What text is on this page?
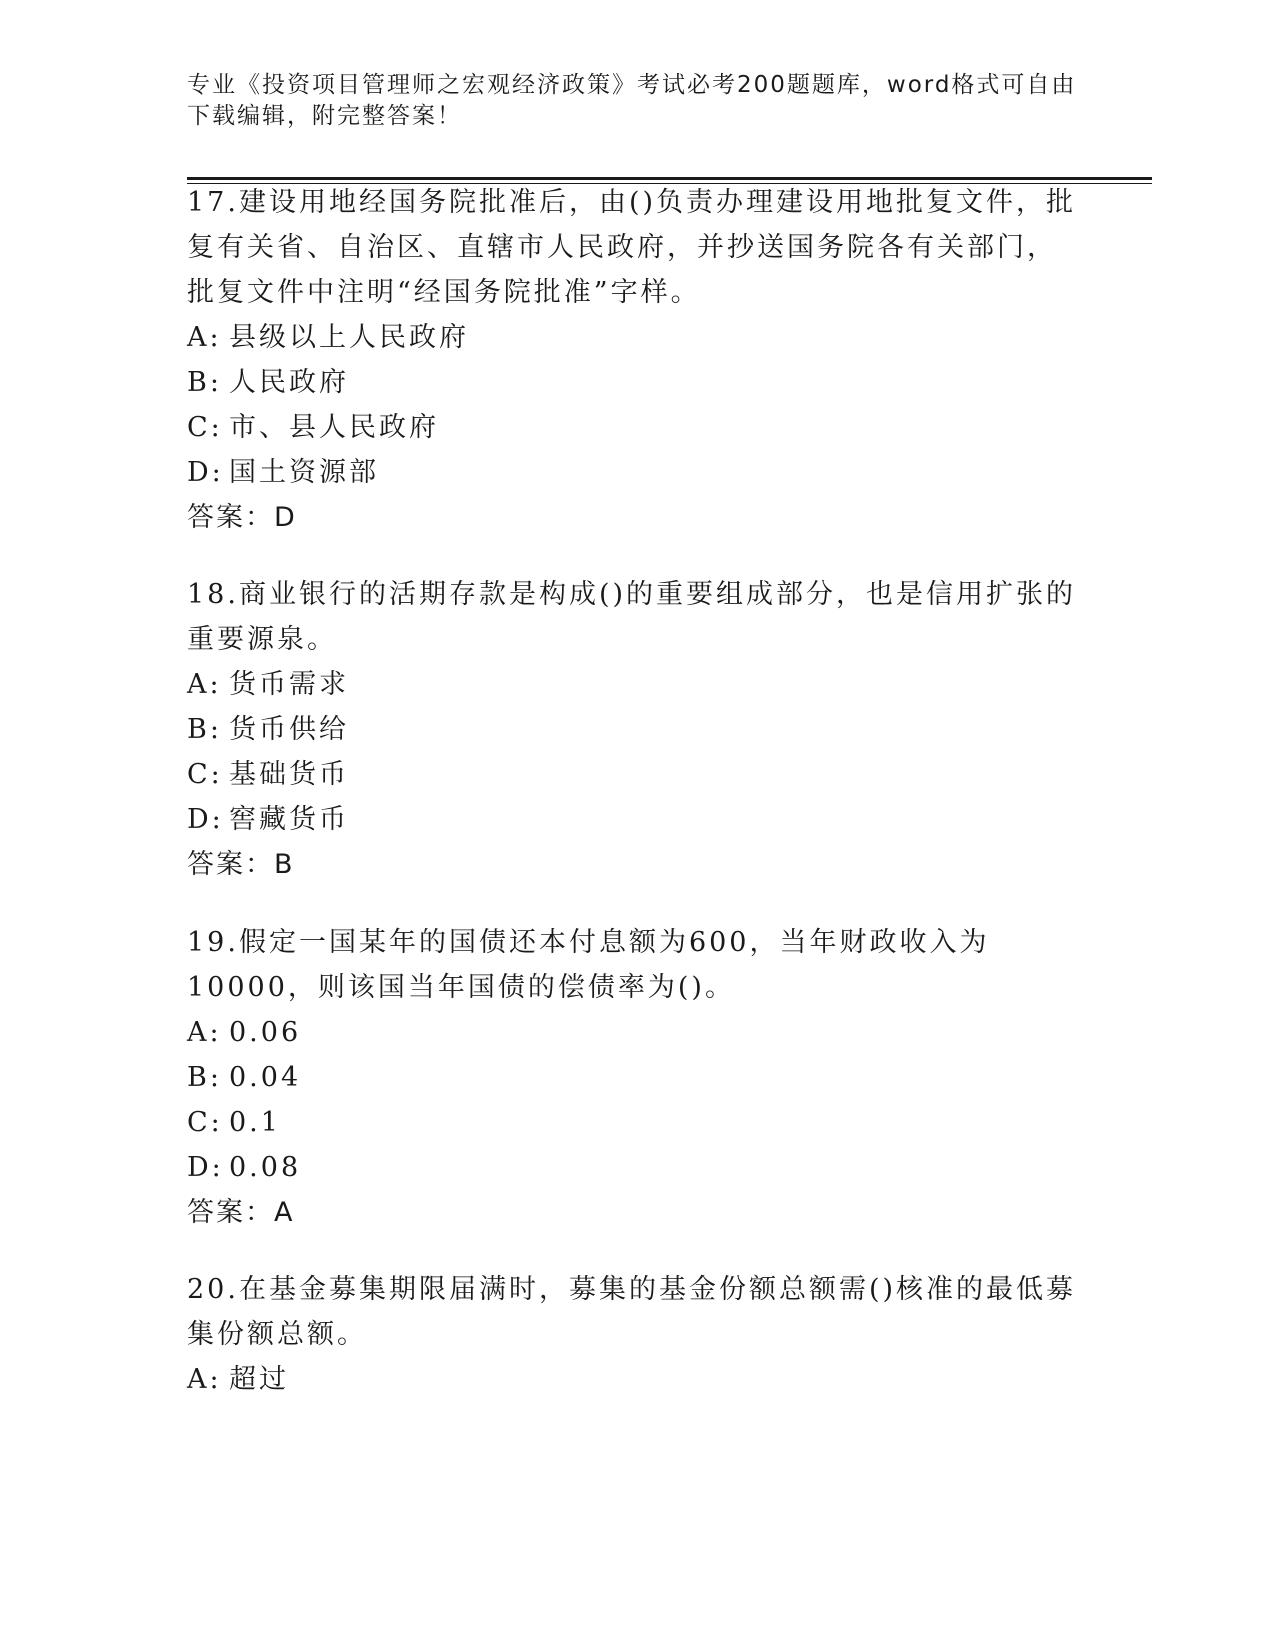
专业《投资项目管理师之宏观经济政策》考试必考200题题库，word格式可自由下载编辑，附完整答案！

17.建设用地经国务院批准后，由()负责办理建设用地批复文件，批复有关省、自治区、直辖市人民政府，并抄送国务院各有关部门，批复文件中注明“经国务院批准”字样。

A: 县级以上人民政府

B: 人民政府

C: 市、县人民政府

D: 国土资源部

答案：D

18.商业银行的活期存款是构成()的重要组成部分，也是信用扩张的重要源泉。

A: 货币需求

B: 货币供给

C: 基础货币

D: 窖藏货币

答案：B

19.假定一国某年的国债还本付息额为600，当年财政收入为10000，则该国当年国债的偿债率为()。

A: 0.06

B: 0.04

C: 0.1

D: 0.08

答案：A

20.在基金募集期限届满时，募集的基金份额总额需()核准的最低募集份额总额。

A: 超过
